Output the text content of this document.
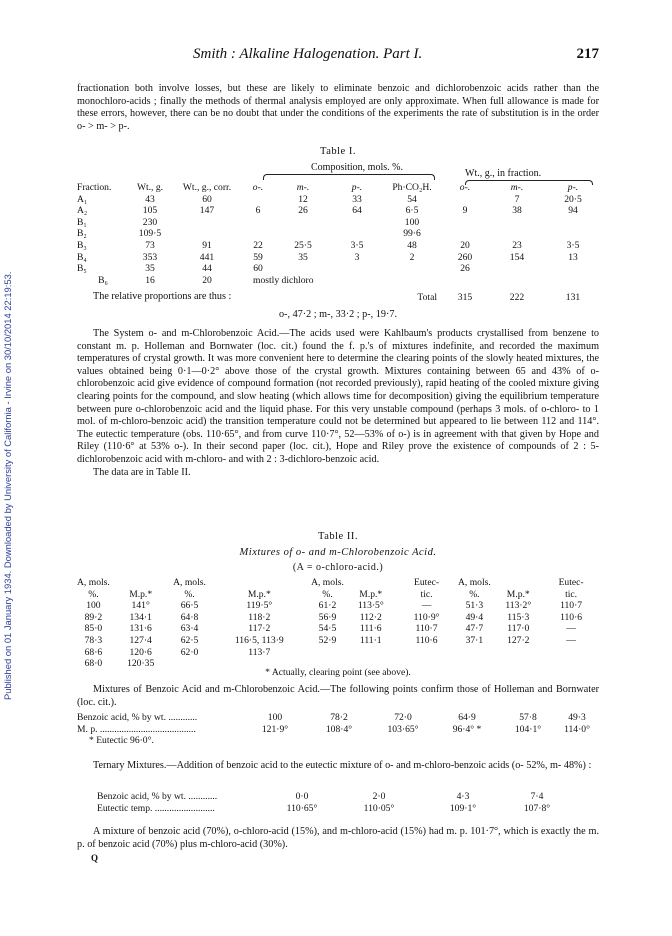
Published on 01 January 1934. Downloaded by University of California - Irvine on 30/10/2014 22:19:53.
Smith : Alkaline Halogenation. Part I.	217

fractionation both involve losses, but these are likely to eliminate benzoic and dichlorobenzoic acids rather than the monochloro-acids ; finally the methods of thermal analysis employed are only approximate. When full allowance is made for these errors, however, there can be no doubt that under the conditions of the experiments the rate of substitution is in the order o- > m- > p-.

Table I.
Composition, mols. %.
Wt., g., in fraction.
Fraction.	Wt., g.	Wt., g., corr.	o-.	m-.	p-.	Ph·CO₂H.	o-.	m-.	p-.
A₁	43	60		12	33	54		7	20·5
A₂	105	147	6	26	64	6·5	9	38	94
B₁	230					100			
B₂	109·5					99·6			
B₃	73	91	22	25·5	3·5	48	20	23	3·5
B₄	353	441	59	35	3	2	260	154	13
B₅	35	44	60				26		
B₆	16	20	mostly dichloro						
						Total	315	222	131

The relative proportions are thus :

o-, 47·2 ; m-, 33·2 ; p-, 19·7.

The System o- and m-Chlorobenzoic Acid.—The acids used were Kahlbaum's products crystallised from benzene to constant m. p. Holleman and Bornwater (loc. cit.) found the f. p.'s of mixtures indefinite, and recorded the maximum temperatures of crystal growth. It was more convenient here to determine the clearing points of the slowly heated mixtures, the values obtained being 0·1—0·2° above those of the crystal growth. Mixtures containing between 65 and 43% of o-chlorobenzoic acid give evidence of compound formation (not recorded previously), rapid heating of the cooled mixture giving clearing points for the compound, and slow heating (which allows time for decomposition) giving the equilibrium temperature between pure o-chlorobenzoic acid and the liquid phase. For this very unstable compound (perhaps 3 mols. of o-chloro- to 1 mol. of m-chloro-benzoic acid) the transition temperature could not be determined but appeared to lie between 112 and 114°. The eutectic temperature (obs. 110·65°, and from curve 110·7°, 52—53% of o-) is in agreement with that given by Hope and Riley (110·6° at 53% o-). In their second paper (loc. cit.), Hope and Riley prove the existence of compounds of 2 : 5-dichlorobenzoic acid with m-chloro- and with 2 : 3-dichloro-benzoic acid.

The data are in Table II.

Table II.
Mixtures of o- and m-Chlorobenzoic Acid.
(A = o-chloro-acid.)
A, mols.		A, mols.		A, mols.		Eutec-	A, mols.		Eutec-
%.	M.p.*	%.	M.p.*	%.	M.p.*	tic.	%.	M.p.*	tic.
100	141°	66·5	119·5°	61·2	113·5°	—	51·3	113·2°	110·7
89·2	134·1	64·8	118·2	56·9	112·2	110·9°	49·4	115·3	110·6
85·0	131·6	63·4	117·2	54·5	111·6	110·7	47·7	117·0	—
78·3	127·4	62·5	116·5, 113·9	52·9	111·1	110·6	37·1	127·2	—
68·6	120·6	62·0	113·7						
68·0	120·35								
* Actually, clearing point (see above).

Mixtures of Benzoic Acid and m-Chlorobenzoic Acid.—The following points confirm those of Holleman and Bornwater (loc. cit.).

Benzoic acid, % by wt. ............	100	78·2	72·0	64·9	57·8	49·3
M. p. ........................................	121·9°	108·4°	103·65°	96·4° *	104·1°	114·0°
* Eutectic 96·0°.

Ternary Mixtures.—Addition of benzoic acid to the eutectic mixture of o- and m-chloro-benzoic acids (o- 52%, m- 48%) :

Benzoic acid, % by wt. ............	0·0	2·0	4·3	7·4
Eutectic temp. .........................	110·65°	110·05°	109·1°	107·8°

A mixture of benzoic acid (70%), o-chloro-acid (15%), and m-chloro-acid (15%) had m. p. 101·7°, which is exactly the m. p. of benzoic acid (70%) plus m-chloro-acid (30%).

Q
